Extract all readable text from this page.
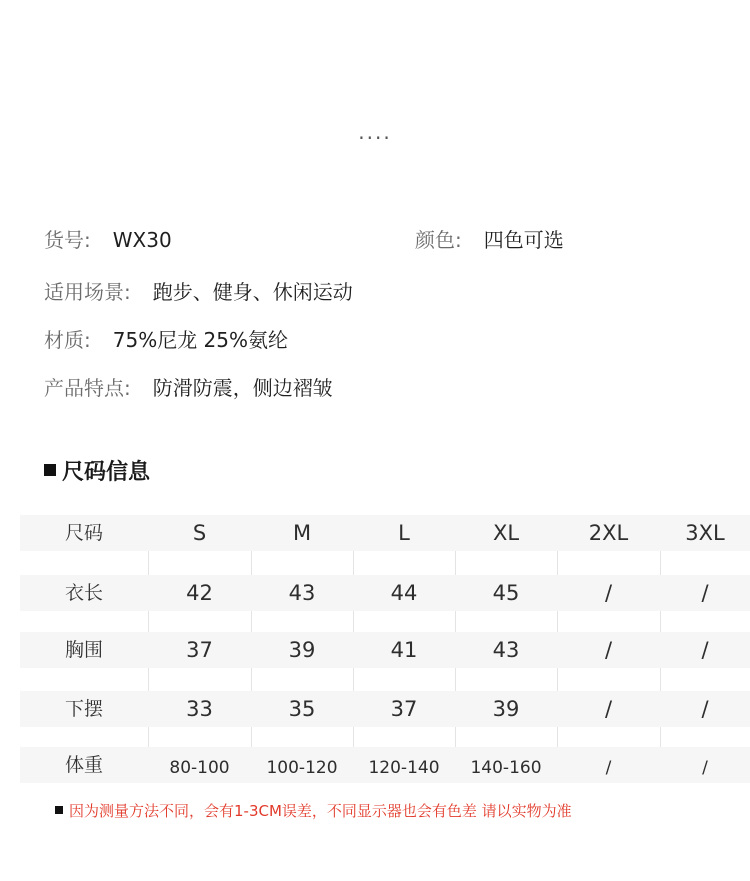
....
货号: WX30	颜色: 四色可选
适用场景: 跑步、健身、休闲运动
材质: 75%尼龙 25%氨纶
产品特点: 防滑防震，侧边褶皱
尺码信息
尺码	S	M	L	XL	2XL	3XL
衣长	42	43	44	45	/	/
胸围	37	39	41	43	/	/
下摆	33	35	37	39	/	/
体重	80-100	100-120	120-140	140-160	/	/
因为测量方法不同，会有1-3CM误差，不同显示器也会有色差 请以实物为准
